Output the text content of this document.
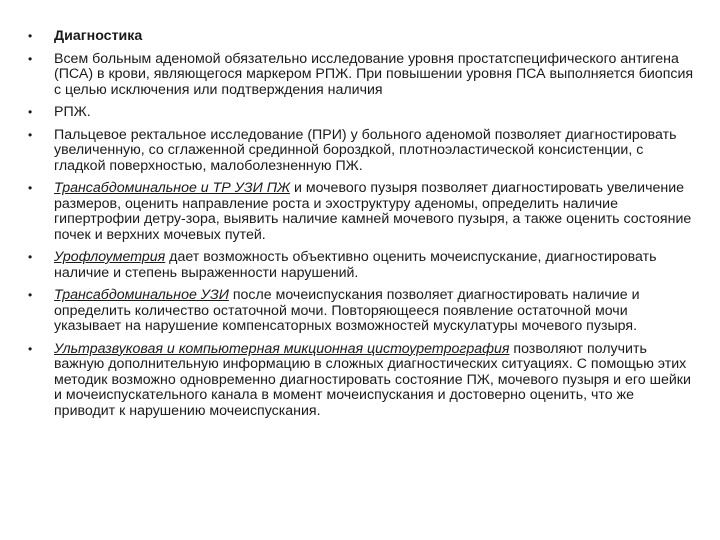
•	Диагностика

•	Всем больным аденомой обязательно исследование уровня простатспецифического антигена (ПСА) в крови, являющегося маркером РПЖ. При повышении уровня ПСА выполняется биопсия с целью исключения или подтверждения наличия

•	РПЖ.

•	Пальцевое ректальное исследование (ПРИ) у больного аденомой позволяет диагностировать увеличенную, со сглаженной срединной бороздкой, плотноэластической консистенции, с гладкой поверхностью, малоболезненную ПЖ.

•	Трансабдоминальное и ТР УЗИ ПЖ и мочевого пузыря позволяет диагностировать увеличение размеров, оценить направление роста и эхоструктуру аденомы, определить наличие гипертрофии детру-зора, выявить наличие камней мочевого пузыря, а также оценить состояние почек и верхних мочевых путей.

•	Урофлоуметрия дает возможность объективно оценить мочеиспускание, диагностировать наличие и степень выраженности нарушений.

•	Трансабдоминальное УЗИ после мочеиспускания позволяет диагностировать наличие и определить количество остаточной мочи. Повторяющееся появление остаточной мочи указывает на нарушение компенсаторных возможностей мускулатуры мочевого пузыря.

•	Ультразвуковая и компьютерная микционная цистоуретрография позволяют получить важную дополнительную информацию в сложных диагностических ситуациях. С помощью этих методик возможно одновременно диагностировать состояние ПЖ, мочевого пузыря и его шейки и мочеиспускательного канала в момент мочеиспускания и достоверно оценить, что же приводит к нарушению мочеиспускания.
